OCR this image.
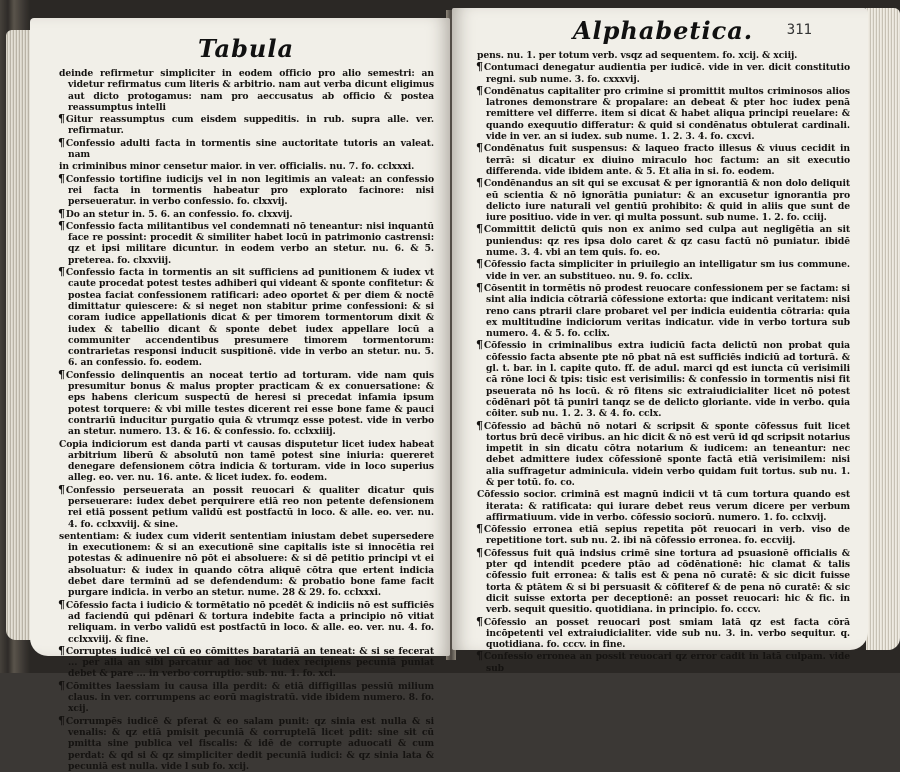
Tabula

deinde refirmetur simpliciter in eodem officio pro alio semestri: an videtur refirmatus cum literis & arbitrio. nam aut verba dicunt eligimus aut dicto protogamus: nam pro aeccusatus ab officio & postea reassumptus intelli

¶Gitur reassumptus cum eisdem suppeditis. in rub. supra alle. ver. refirmatur.

¶Confessio adulti facta in tormentis sine auctoritate tutoris an valeat. nam

in criminibus minor censetur maior. in ver. officialis. nu. 7. fo. cclxxxi.

¶Confessio tortifine iudicijs vel in non legitimis an valeat: an confessio rei facta in tormentis habeatur pro explorato facinore: nisi perseueratur. in verbo confessio. fo. clxxvij.

¶Do an stetur in. 5. 6. an confessio. fo. clxxvij.

¶Confessio facta militantibus vel condemnati nō teneantur: nisi inquantū face re possint: procedit & similiter habet locū in patrimonio castrensi: qz et ipsi militare dicuntur. in eodem verbo an stetur. nu. 6. & 5. preterea. fo. clxxviij.

¶Confessio facta in tormentis an sit sufficiens ad punitionem & iudex vt caute procedat potest testes adhiberi qui videant & sponte confitetur: & postea faciat confessionem ratificari: adeo oportet & per diem & noctē dimittatur quiescere: & si neget non stabitur prime confessioni: & si coram iudice appellationis dicat & per timorem tormentorum dixit & iudex & tabellio dicant & sponte debet iudex appellare locū a communiter accendentibus presumere timorem tormentorum: contrarietas responsi inducit suspitionē. vide in verbo an stetur. nu. 5. 6. an confessio. fo. eodem.

¶Confessio delinquentis an noceat tertio ad torturam. vide nam quis presumitur bonus & malus propter practicam & ex conuersatione: & eps habens clericum suspectū de heresi si precedat infamia ipsum potest torquere: & vbi mille testes dicerent rei esse bone fame & pauci contrariū inducitur purgatio quia & vtrumqz esse potest. vide in verbo an stetur. numero. 13. & 16. & confessio. fo. cclxxiiij.

Copia indiciorum est danda parti vt causas disputetur licet iudex habeat arbitrium liberū & absolutū non tamē potest sine iniuria: quereret denegare defensionem cōtra indicia & torturam. vide in loco superius alleg. eo. ver. nu. 16. ante. & licet iudex. fo. eodem.

¶Confessio perseuerata an possit reuocari & qualiter dicatur quis perseuerare: iudex debet perquirere etiā reo non petente defensionem rei etiā possent petium validū est postfactū in loco. & alle. eo. ver. nu. 4. fo. cclxxviij. & sine.

sententiam: & iudex cum viderit sententiam iniustam debet supersedere in executionem: & si an executionē sine capitalis iste si innocētia rei potestas & adinuenire nō pōt ei absoluere: & si dē petitio principi vt ei absoluatur: & iudex in quando cōtra aliquē cōtra que ertent indicia debet dare terminū ad se defendendum: & probatio bone fame facit purgare indicia. in verbo an stetur. nume. 28 & 29. fo. cclxxxi.

¶Cōfessio facta i iudicio & tormētatio nō pcedēt & indiciis nō est sufficiēs ad faciendū qui pdēnari & tortura indebite facta a principio nō vitiat reliquam. in verbo validū est postfactū in loco. & alle. eo. ver. nu. 4. fo. cclxxviij. & fine.

¶Corruptes iudicē vel cū eo cōmittes baratariā an teneat: & si se fecerat ... per alia an sibi parcatur ad hoc vt iudex recipiens pecuniā puniat debet & pare ... in verbo corruptio. sub. nu. 1. fo. xci.

¶Cōmittes laessiam iu causa illa perdit: & etiā diffigillas pessiū milium claus. in ver. corrumpens ac eorū magistratū. vide ibidem numero. 8. fo. xcij.

¶Corrumpēs iudicē & pferat & eo salam punit: qz sinia est nulla & si venalis: & qz etiā pmisit pecuniā & corruptelā licet pdit: sine sit cū pmitta sine publica vel fiscalis: & idē de corrupte aduocati & cum perdat: & qd si & qz simpliciter dedit pecuniā iudici: & qz sinia lata & pecuniā est nulla. vide l sub fo. xcij.

311
Alphabetica.

pens. nu. 1. per totum verb. vsqz ad sequentem. fo. xcij. & xciij.

¶Contumaci denegatur audientia per iudicē. vide in ver. dicit constitutio regni. sub nume. 3. fo. cxxxvij.

¶Condēnatus capitaliter pro crimine si promittit multos criminosos alios latrones demonstrare & propalare: an debeat & pter hoc iudex penā remittere vel differre. item si dicat & habet aliqua principi reuelare: & quando exequutio differatur: & quid si condēnatus obtulerat cardinali. vide in ver. an si iudex. sub nume. 1. 2. 3. 4. fo. cxcvi.

¶Condēnatus fuit suspensus: & laqueo fracto illesus & viuus cecidit in terrā: si dicatur ex diuino miraculo hoc factum: an sit executio differenda. vide ibidem ante. & 5. Et alia in si. fo. eodem.

¶Condēnandus an sit qui se excusat & per ignorantiā & non dolo deliquit eū scientia & nō ignorātia puniatur: & an excusetur ignorantia pro delicto iure naturali vel gentiū prohibito: & quid in aliis que sunt de iure positiuo. vide in ver. qi multa possunt. sub nume. 1. 2. fo. cciij.

¶Committit delictū quis non ex animo sed culpa aut negligētia an sit puniendus: qz res ipsa dolo caret & qz casu factū nō puniatur. ibidē nume. 3. 4. vbi an tem quis. fo. eo.

¶Cōfessio facta simpliciter in priuilegio an intelligatur sm ius commune. vide in ver. an substitueo. nu. 9. fo. cclix.

¶Cōsentit in tormētis nō prodest reuocare confessionem per se factam: si sint alia indicia cōtrariā cōfessione extorta: que indicant veritatem: nisi reno cans ptrarii clare probaret vel per indicia euidentia cōtraria: quia ex multitudine indiciorum veritas indicatur. vide in verbo tortura sub numero. 4. & 5. fo. cclix.

¶Cōfessio in criminalibus extra iudiciū facta delictū non probat quia cōfessio facta absente pte nō pbat nā est sufficiēs indiciū ad torturā. & gl. t. bar. in l. capite quto. ff. de adul. marci qd est iuncta cū verisimili cā rōne loci & tpis: tisic est verisimilis: & confessio in tormentis nisi fit pseuerata nō hs locū. & rō fitens sic extraiudicialiter licet nō potest cōdēnari pōt tā puniri tanqz se de delicto gloriante. vide in verbo. quia cōiter. sub nu. 1. 2. 3. & 4. fo. cclx.

¶Cōfessio ad bāchū nō notari & scripsit & sponte cōfessus fuit licet tortus brū decē viribus. an hic dicit & nō est verū id qd scripsit notarius impetit in sin dicatu cōtra notarium & iudicem: an teneantur: nec debet admittere iudex cōfessionē sponte factā etiā verisimilem: nisi alia suffragetur adminicula. videin verbo quidam fuit tortus. sub nu. 1. & per totū. fo. co.

Cōfessio socior. criminā est magnū indicii vt tā cum tortura quando est iterata: & ratificata: qui iurare debet reus verum dicere per verbum affirmatiuum. vide in verbo. cōfessio sociorū. numero. 1. fo. cclxvij.

¶Cōfessio erronea etiā sepius repetita pōt reuocari in verb. viso de repetitione tort. sub nu. 2. ibi nā cōfessio erronea. fo. eccviij.

¶Cōfessus fuit quā indsius crimē sine tortura ad psuasionē officialis & pter qd intendit pcedere ptāo ad cōdēnationē: hic clamat & talis cōfessio fuit erronea: & talis est & pena nō curatē: & sic dicit fuisse torta & ptātem & si bi persuasit & cōfiteref & de pena nō curatē: & sic dicit suisse extorta per deceptionē: an posset reuocari: hic & fic. in verb. sequit quesitio. quotidiana. in principio. fo. cccv.

¶Cōfessio an posset reuocari post smiam latā qz est facta cōrā incōpetenti vel extraiudicialiter. vide sub nu. 3. in. verbo sequitur. q. quotidiana. fo. cccv. in fine.

¶Confessio erronea an possit reuocari qz error cadit in latā culpam. vide sub
